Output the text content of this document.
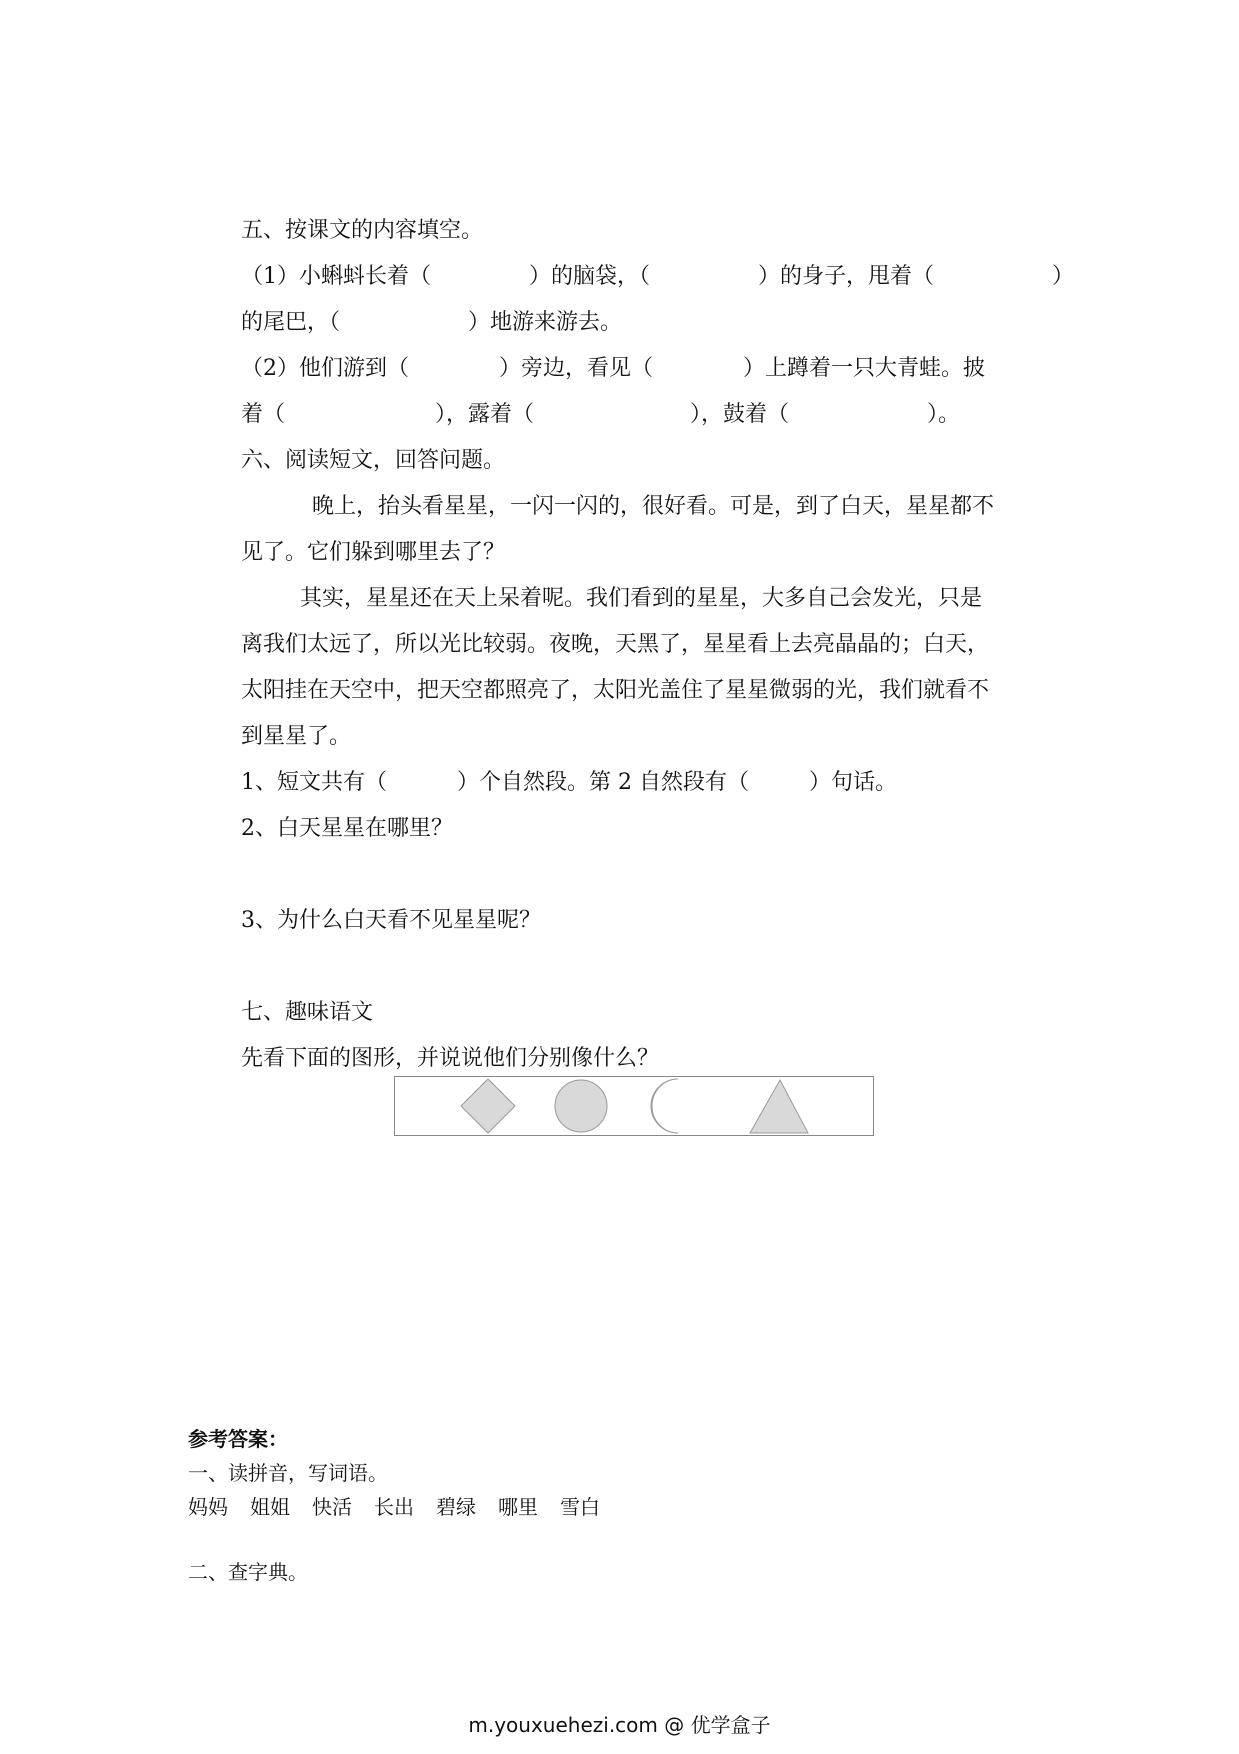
五、按课文的内容填空。
（1）小蝌蚪长着（	）的脑袋，（	）的身子，甩着（	）
的尾巴，（	）地游来游去。
（2）他们游到（	）旁边，看见（	）上蹲着一只大青蛙。披
着（	），露着（	），鼓着（	）。
六、阅读短文，回答问题。
晚上，抬头看星星，一闪一闪的，很好看。可是，到了白天，星星都不
见了。它们躲到哪里去了？
其实，星星还在天上呆着呢。我们看到的星星，大多自己会发光，只是
离我们太远了，所以光比较弱。夜晚，天黑了，星星看上去亮晶晶的；白天，
太阳挂在天空中，把天空都照亮了，太阳光盖住了星星微弱的光，我们就看不
到星星了。
1、短文共有（	）个自然段。第 2 自然段有（	）句话。
2、白天星星在哪里？
3、为什么白天看不见星星呢？
七、趣味语文
先看下面的图形，并说说他们分别像什么？
参考答案：
一、读拼音，写词语。
妈妈 姐姐 快活 长出 碧绿 哪里 雪白
二、查字典。
m.youxuehezi.com @ 优学盒子
